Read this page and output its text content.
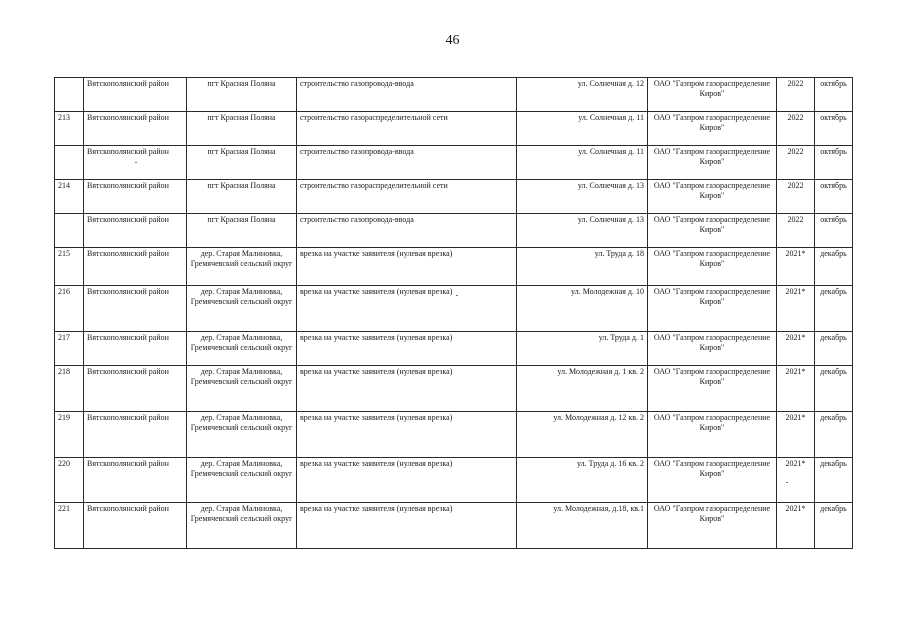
46
	Вятскополянский район	пгт Красная Поляна	строительство газопровода-ввода	ул. Солнечная д. 12	ОАО "Газпром газораспределение Киров"	2022	октябрь
213	Вятскополянский район	пгт Красная Поляна	строительство газораспределительной сети	ул. Солнечная д. 11	ОАО "Газпром газораспределение Киров"	2022	октябрь
	Вятскополянский район	пгт Красная Поляна	строительство газопровода-ввода	ул. Солнечная д. 11	ОАО "Газпром газораспределение Киров"	2022	октябрь
214	Вятскополянский район	пгт Красная Поляна	строительство газораспределительной сети	ул. Солнечная д. 13	ОАО "Газпром газораспределение Киров"	2022	октябрь
	Вятскополянский район	пгт Красная Поляна	строительство газопровода-ввода	ул. Солнечная д. 13	ОАО "Газпром газораспределение Киров"	2022	октябрь
215	Вятскополянский район	дер. Старая Малиновка, Гремячевский сельский округ	врезка на участке заявителя (нулевая врезка)	ул. Труда д. 18	ОАО "Газпром газораспределение Киров"	2021*	декабрь
216	Вятскополянский район	дер. Старая Малиновка, Гремячевский сельский округ	врезка на участке заявителя (нулевая врезка)	ул. Молодежная д. 10	ОАО "Газпром газораспределение Киров"	2021*	декабрь
217	Вятскополянский район	дер. Старая Малиновка, Гремячевский сельский округ	врезка на участке заявителя (нулевая врезка)	ул. Труда д. 1	ОАО "Газпром газораспределение Киров"	2021*	декабрь
218	Вятскополянский район	дер. Старая Малиновка, Гремячевский сельский округ	врезка на участке заявителя (нулевая врезка)	ул. Молодежная д. 1 кв. 2	ОАО "Газпром газораспределение Киров"	2021*	декабрь
219	Вятскополянский район	дер. Старая Малиновка, Гремячевский сельский округ	врезка на участке заявителя (нулевая врезка)	ул. Молодежная д. 12 кв. 2	ОАО "Газпром газораспределение Киров"	2021*	декабрь
220	Вятскополянский район	дер. Старая Малиновка, Гремячевский сельский округ	врезка на участке заявителя (нулевая врезка)	ул. Труда д. 16 кв. 2	ОАО "Газпром газораспределение Киров"	2021*	декабрь
221	Вятскополянский район	дер. Старая Малиновка, Гремячевский сельский округ	врезка на участке заявителя (нулевая врезка)	ул. Молодежная, д.18, кв.1	ОАО "Газпром газораспределение Киров"	2021*	декабрь
